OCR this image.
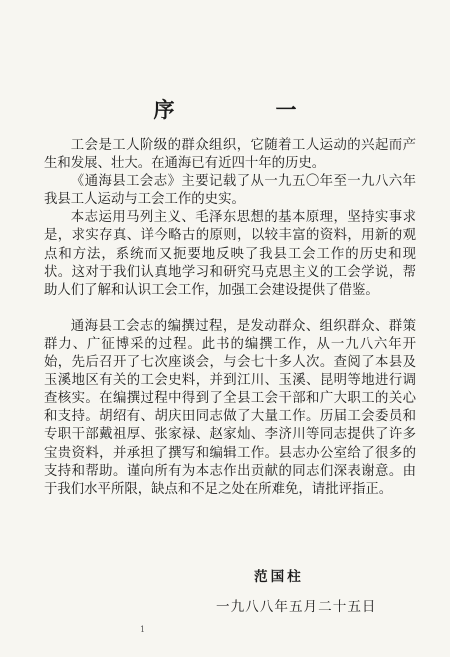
序　一

工会是工人阶级的群众组织，它随着工人运动的兴起而产生和发展、壮大。在通海已有近四十年的历史。

《通海县工会志》主要记载了从一九五〇年至一九八六年我县工人运动与工会工作的史实。

本志运用马列主义、毛泽东思想的基本原理，坚持实事求是，求实存真、详今略古的原则，以较丰富的资料，用新的观点和方法，系统而又扼要地反映了我县工会工作的历史和现状。这对于我们认真地学习和研究马克思主义的工会学说，帮助人们了解和认识工会工作，加强工会建设提供了借鉴。

通海县工会志的编撰过程，是发动群众、组织群众、群策群力、广征博采的过程。此书的编撰工作，从一九八六年开始，先后召开了七次座谈会，与会七十多人次。查阅了本县及玉溪地区有关的工会史料，并到江川、玉溪、昆明等地进行调查核实。在编撰过程中得到了全县工会干部和广大职工的关心和支持。胡绍有、胡庆田同志做了大量工作。历届工会委员和专职干部戴祖厚、张家禄、赵家灿、李济川等同志提供了许多宝贵资料，并承担了撰写和编辑工作。县志办公室给了很多的支持和帮助。谨向所有为本志作出贡献的同志们深表谢意。由于我们水平所限，缺点和不足之处在所难免，请批评指正。

范国柱
一九八八年五月二十五日
1
